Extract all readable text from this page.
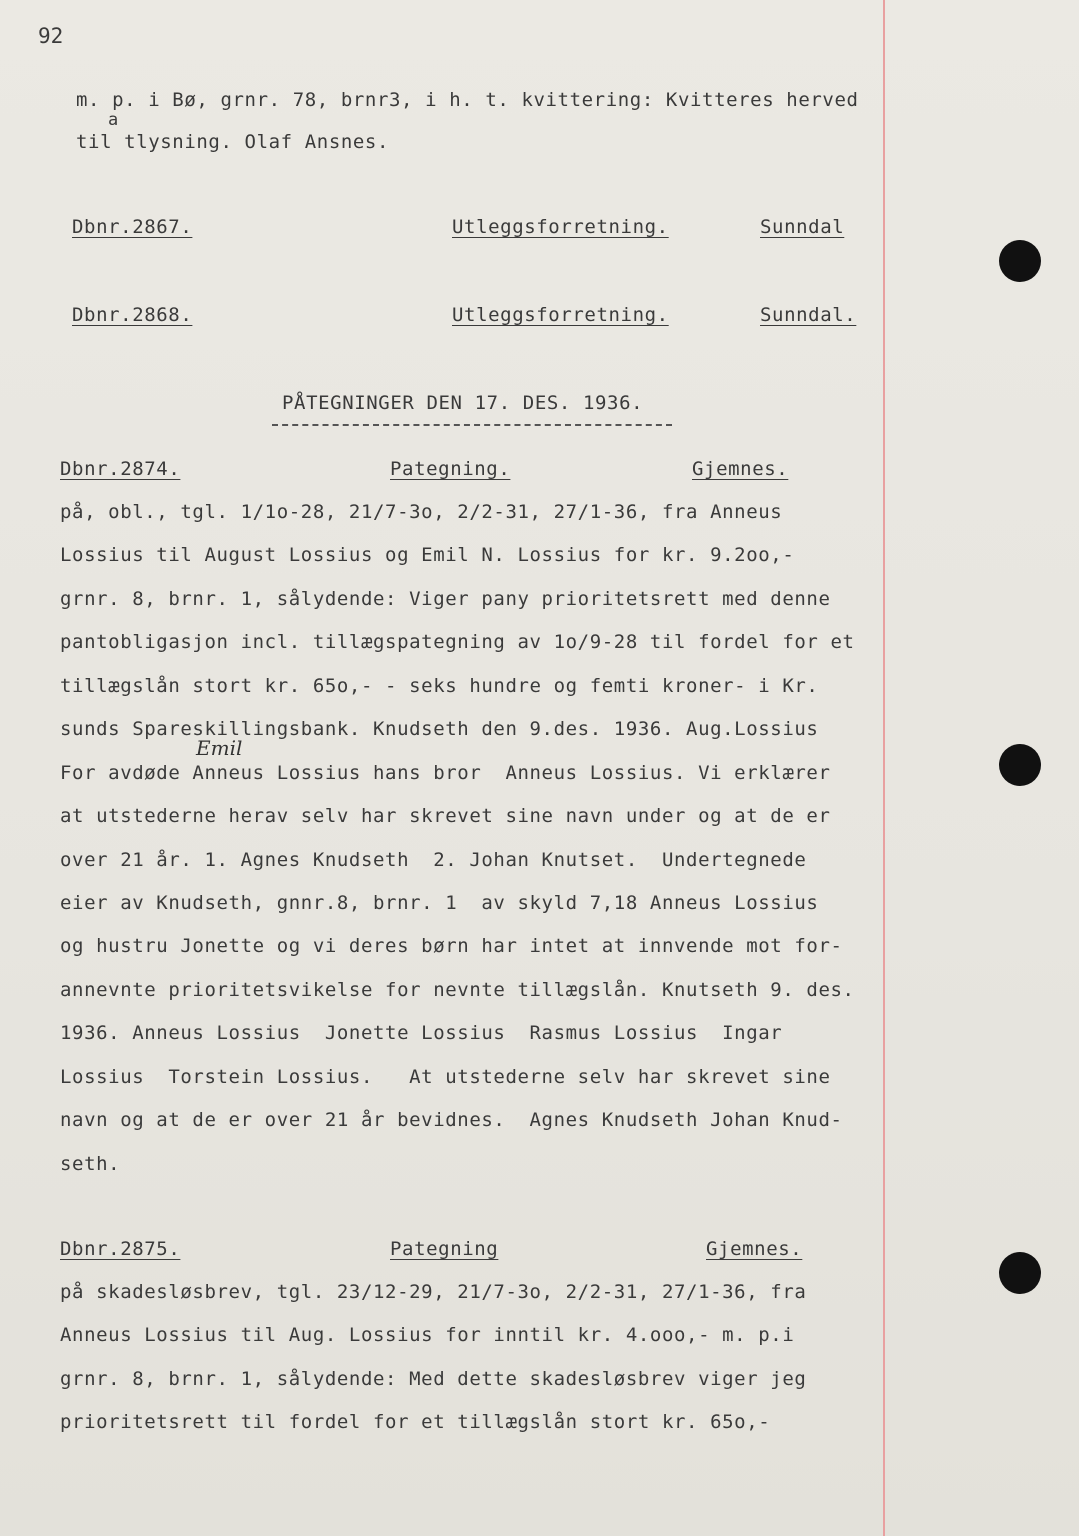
92
m. p. i Bø, grnr. 78, brnr3, i h. t. kvittering: Kvitteres herved
a
til tlysning. Olaf Ansnes.
Dbnr.2867.	Utleggsforretning.	Sunndal
Dbnr.2868.	Utleggsforretning.	Sunndal.
PÅTEGNINGER DEN 17. DES. 1936.
Dbnr.2874.	Pategning.	Gjemnes.
på, obl., tgl. 1/1o-28, 21/7-3o, 2/2-31, 27/1-36, fra Anneus
Lossius til August Lossius og Emil N. Lossius for kr. 9.2oo,-
grnr. 8, brnr. 1, sålydende: Viger pany prioritetsrett med denne
pantobligasjon incl. tillægspategning av 1o/9-28 til fordel for et
tillægslån stort kr. 65o,- - seks hundre og femti kroner- i Kr.
sunds Spareskillingsbank. Knudseth den 9.des. 1936. Aug.Lossius
Emil
For avdøde Anneus Lossius hans bror  Anneus Lossius. Vi erklærer
at utstederne herav selv har skrevet sine navn under og at de er
over 21 år. 1. Agnes Knudseth  2. Johan Knutset.  Undertegnede
eier av Knudseth, gnnr.8, brnr. 1  av skyld 7,18 Anneus Lossius
og hustru Jonette og vi deres børn har intet at innvende mot for-
annevnte prioritetsvikelse for nevnte tillægslån. Knutseth 9. des.
1936. Anneus Lossius  Jonette Lossius  Rasmus Lossius  Ingar
Lossius  Torstein Lossius.   At utstederne selv har skrevet sine
navn og at de er over 21 år bevidnes.  Agnes Knudseth Johan Knud-
seth.
Dbnr.2875.	Pategning	Gjemnes.
på skadesløsbrev, tgl. 23/12-29, 21/7-3o, 2/2-31, 27/1-36, fra
Anneus Lossius til Aug. Lossius for inntil kr. 4.ooo,- m. p.i
grnr. 8, brnr. 1, sålydende: Med dette skadesløsbrev viger jeg
prioritetsrett til fordel for et tillægslån stort kr. 65o,-
